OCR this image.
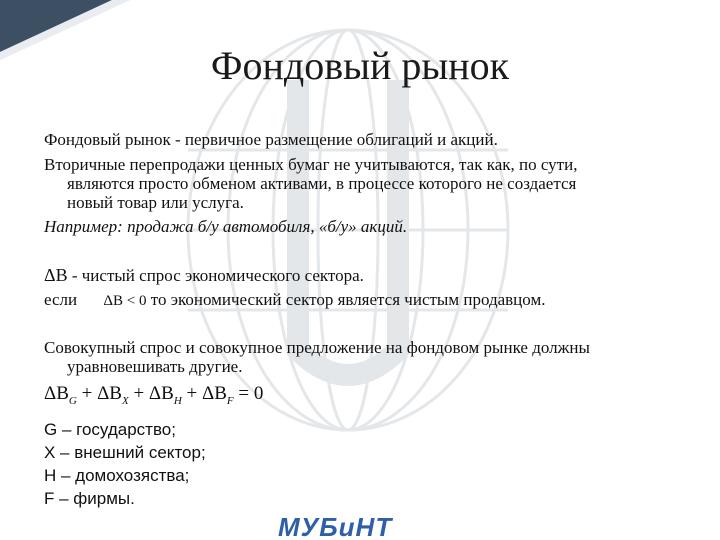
Фондовый рынок
Фондовый рынок - первичное размещение облигаций и акций.
Вторичные перепродажи ценных бумаг не учитываются, так как, по сути,
являются просто обменом активами, в процессе которого не создается
новый товар или услуга.
Например: продажа б/у автомобиля, «б/у» акций.
ΔB - чистый спрос экономического сектора.
если ΔB < 0 то экономический сектор является чистым продавцом.
Совокупный спрос и совокупное предложение на фондовом рынке должны
уравновешивать другие.
$\Delta B_G + \Delta B_X + \Delta B_H + \Delta B_F = 0$
G – государство;
X – внешний сектор;
H – домохозяства;
F – фирмы.
МУБиНТ
